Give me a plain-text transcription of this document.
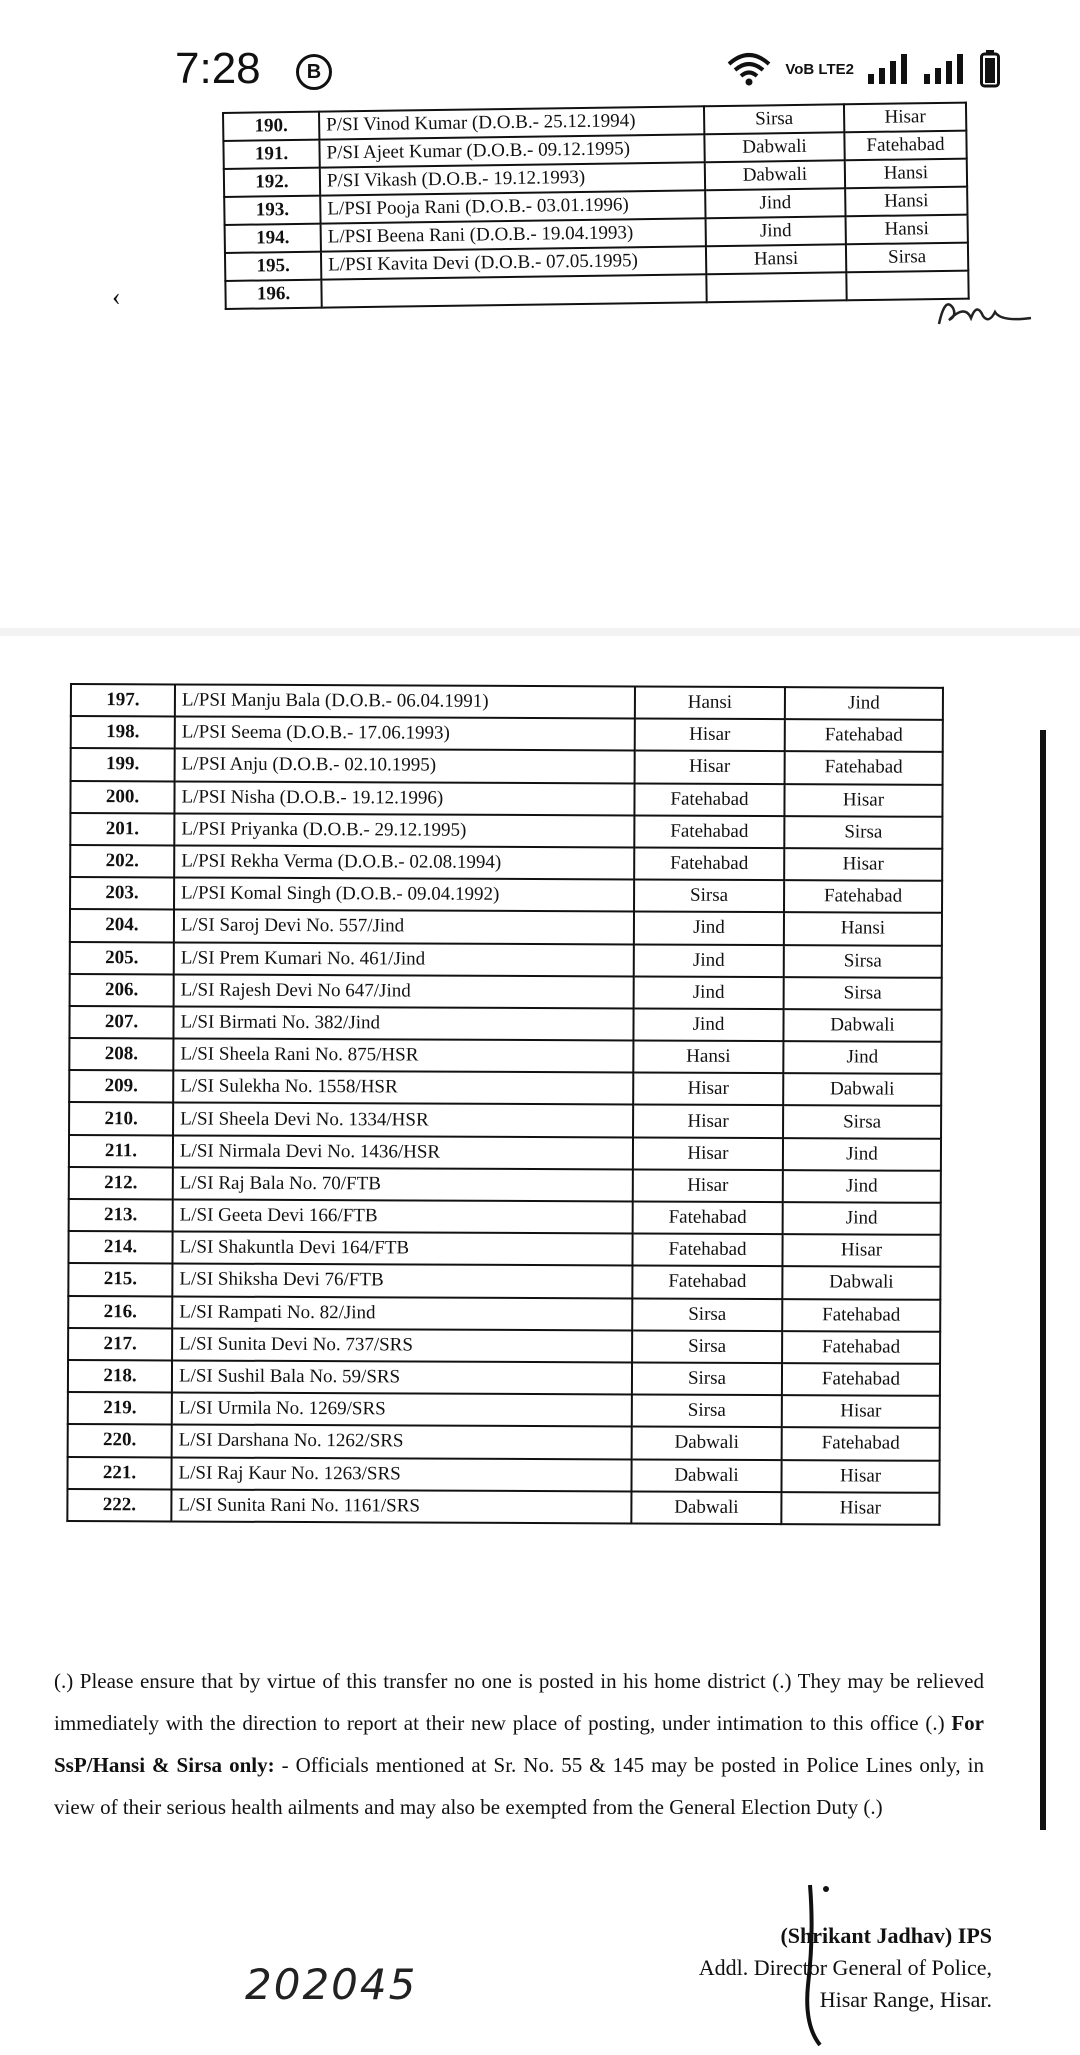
7:28	B	VoB LTE2
190.	P/SI Vinod Kumar (D.O.B.- 25.12.1994)	Sirsa	Hisar
191.	P/SI Ajeet Kumar (D.O.B.- 09.12.1995)	Dabwali	Fatehabad
192.	P/SI Vikash (D.O.B.- 19.12.1993)	Dabwali	Hansi
193.	L/PSI Pooja Rani (D.O.B.- 03.01.1996)	Jind	Hansi
194.	L/PSI Beena Rani (D.O.B.- 19.04.1993)	Jind	Hansi
195.	L/PSI Kavita Devi (D.O.B.- 07.05.1995)	Hansi	Sirsa
196.			
‹
197.	L/PSI Manju Bala (D.O.B.- 06.04.1991)	Hansi	Jind
198.	L/PSI Seema (D.O.B.- 17.06.1993)	Hisar	Fatehabad
199.	L/PSI Anju (D.O.B.- 02.10.1995)	Hisar	Fatehabad
200.	L/PSI Nisha (D.O.B.- 19.12.1996)	Fatehabad	Hisar
201.	L/PSI Priyanka (D.O.B.- 29.12.1995)	Fatehabad	Sirsa
202.	L/PSI Rekha Verma (D.O.B.- 02.08.1994)	Fatehabad	Hisar
203.	L/PSI Komal Singh (D.O.B.- 09.04.1992)	Sirsa	Fatehabad
204.	L/SI Saroj Devi No. 557/Jind	Jind	Hansi
205.	L/SI Prem Kumari No. 461/Jind	Jind	Sirsa
206.	L/SI Rajesh Devi No 647/Jind	Jind	Sirsa
207.	L/SI Birmati No. 382/Jind	Jind	Dabwali
208.	L/SI Sheela Rani No. 875/HSR	Hansi	Jind
209.	L/SI Sulekha No. 1558/HSR	Hisar	Dabwali
210.	L/SI Sheela Devi No. 1334/HSR	Hisar	Sirsa
211.	L/SI Nirmala Devi No. 1436/HSR	Hisar	Jind
212.	L/SI Raj Bala No. 70/FTB	Hisar	Jind
213.	L/SI Geeta Devi 166/FTB	Fatehabad	Jind
214.	L/SI Shakuntla Devi 164/FTB	Fatehabad	Hisar
215.	L/SI Shiksha Devi 76/FTB	Fatehabad	Dabwali
216.	L/SI Rampati No. 82/Jind	Sirsa	Fatehabad
217.	L/SI Sunita Devi No. 737/SRS	Sirsa	Fatehabad
218.	L/SI Sushil Bala No. 59/SRS	Sirsa	Fatehabad
219.	L/SI Urmila No. 1269/SRS	Sirsa	Hisar
220.	L/SI Darshana No. 1262/SRS	Dabwali	Fatehabad
221.	L/SI Raj Kaur No. 1263/SRS	Dabwali	Hisar
222.	L/SI Sunita Rani No. 1161/SRS	Dabwali	Hisar
(.) Please ensure that by virtue of this transfer no one is posted in his home district (.) They may be relieved immediately with the direction to report at their new place of posting, under intimation to this office (.) For SsP/Hansi & Sirsa only: - Officials mentioned at Sr. No. 55 & 145 may be posted in Police Lines only, in view of their serious health ailments and may also be exempted from the General Election Duty (.)
202045
(Shrikant Jadhav) IPS
Addl. Director General of Police,
Hisar Range, Hisar.
